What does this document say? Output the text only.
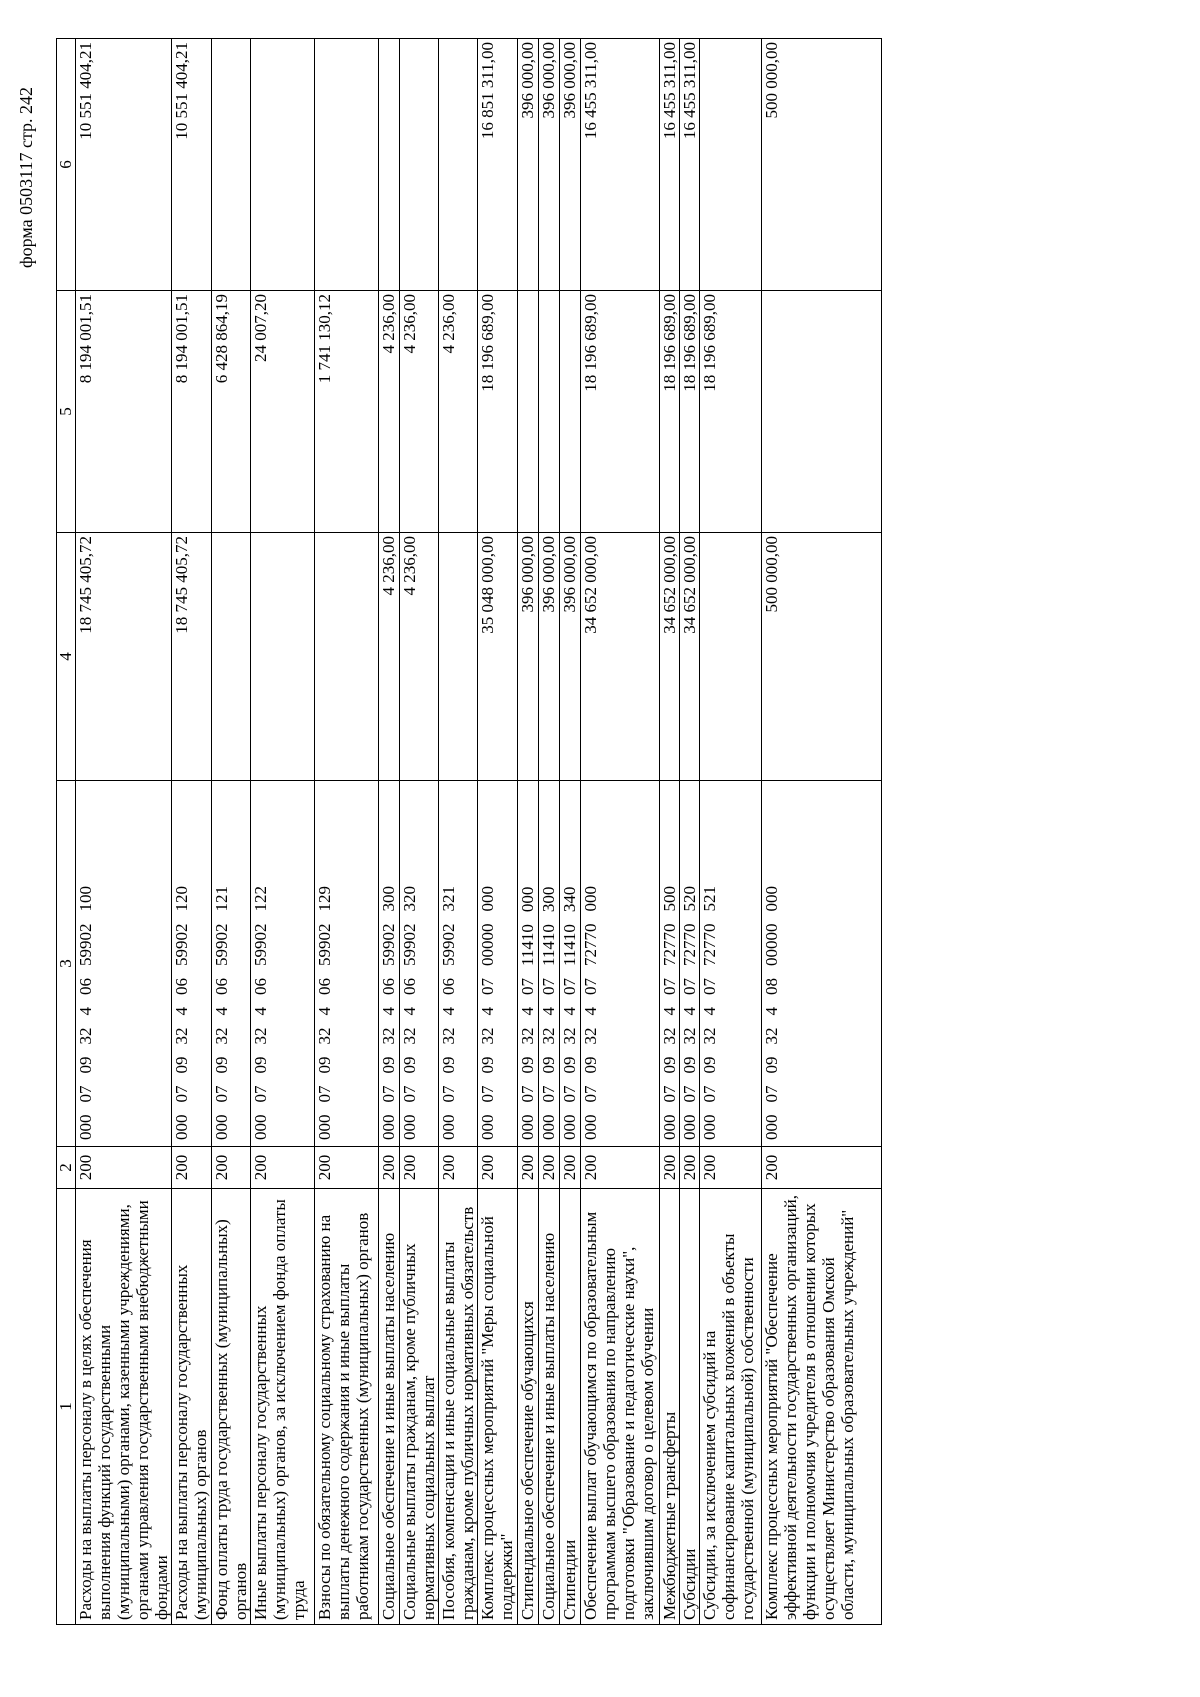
форма 0503117 стр. 242
1	2	3	4	5	6
Расходы на выплаты персоналу в целях обеспечения выполнения функций государственными (муниципальными) органами, казенными учреждениями, органами управления государственными внебюджетными фондами	200	00007093240659902100	18 745 405,72	8 194 001,51	10 551 404,21
Расходы на выплаты персоналу государственных (муниципальных) органов	200	00007093240659902120	18 745 405,72	8 194 001,51	10 551 404,21
Фонд оплаты труда государственных (муниципальных) органов	200	00007093240659902121		6 428 864,19	
Иные выплаты персоналу государственных (муниципальных) органов, за исключением фонда оплаты труда	200	00007093240659902122		24 007,20	
Взносы по обязательному социальному страхованию на выплаты денежного содержания и иные выплаты работникам государственных (муниципальных) органов	200	00007093240659902129		1 741 130,12	
Социальное обеспечение и иные выплаты населению	200	00007093240659902300	4 236,00	4 236,00	
Социальные выплаты гражданам, кроме публичных нормативных социальных выплат	200	00007093240659902320	4 236,00	4 236,00	
Пособия, компенсации и иные социальные выплаты гражданам, кроме публичных нормативных обязательств	200	00007093240659902321		4 236,00	
Комплекс процессных мероприятий "Меры социальной поддержки"	200	00007093240700000000	35 048 000,00	18 196 689,00	16 851 311,00
Стипендиальное обеспечение обучающихся	200	00007093240711410000	396 000,00		396 000,00
Социальное обеспечение и иные выплаты населению	200	00007093240711410300	396 000,00		396 000,00
Стипендии	200	00007093240711410340	396 000,00		396 000,00
Обеспечение выплат обучающимся по образовательным программам высшего образования по направлению подготовки "Образование и педагогические науки", заключившим договор о целевом обучении	200	00007093240772770000	34 652 000,00	18 196 689,00	16 455 311,00
Межбюджетные трансферты	200	00007093240772770500	34 652 000,00	18 196 689,00	16 455 311,00
Субсидии	200	00007093240772770520	34 652 000,00	18 196 689,00	16 455 311,00
Субсидии, за исключением субсидий на софинансирование капитальных вложений в объекты государственной (муниципальной) собственности	200	00007093240772770521		18 196 689,00	
Комплекс процессных мероприятий "Обеспечение эффективной деятельности государственных организаций, функции и полномочия учредителя в отношении которых осуществляет Министерство образования Омской области, муниципальных образовательных учреждений"	200	00007093240800000000	500 000,00		500 000,00
